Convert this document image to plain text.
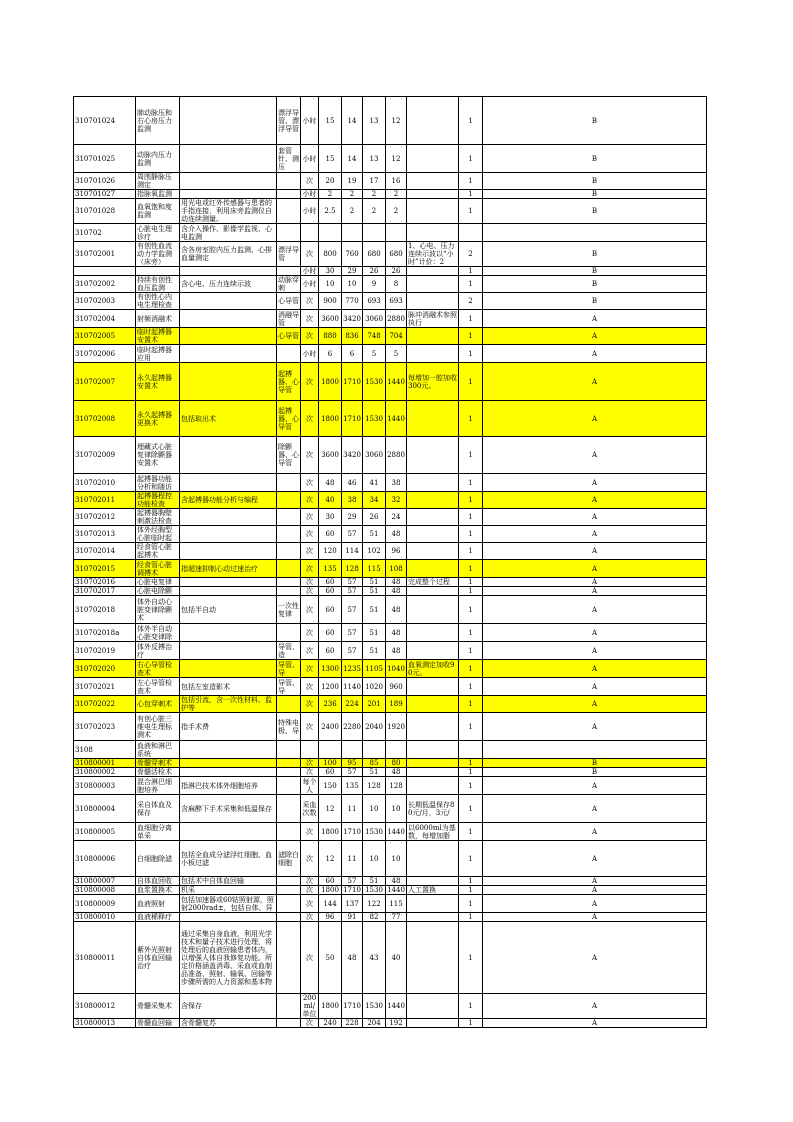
310701024	肺动脉压和右心房压力监测		漂浮导管、漂浮导管	小时	15	14	13	12		1	B
310701025	动脉内压力监测		套管针、测压	小时	15	14	13	12		1	B
310701026	周围静脉压测定			次	20	19	17	16		1	B
310701027	指脉氧监测			小时	2	2	2	2		1	B
310701028	血氧饱和度监测	用光电或红外传感器与患者的手指连接，利用床旁监测仪自动连续测量。		小时	2.5	2	2	2		1	B
310702	心脏电生理诊疗	含介入操作、影像学监视、心电监测									
310702001	有创性血流动力学监测（床旁）	含各房室腔内压力监测、心排血量测定	漂浮导管	次	800	760	680	680	1、心电、压力连续示波以“小时”计价：2	2	B
				小时	30	29	26	26		1	B
310702002	持续有创性血压监测	含心电、压力连续示波	动脉穿刺	小时	10	10	9	8		1	B
310702003	有创性心内电生理检查		心导管	次	900	770	693	693		2	B
310702004	射频消融术		消融导管	次	3600	3420	3060	2880	脉冲消融术参照执行	1	A
310702005	临时起搏器安置术		心导管	次	880	836	748	704		1	A
310702006	临时起搏器应用			小时	6	6	5	5		1	A
310702007	永久起搏器安置术		起搏器、心导管	次	1800	1710	1530	1440	每增加一腔加收300元。	1	A
310702008	永久起搏器更换术	包括取出术	起搏器、心导管	次	1800	1710	1530	1440		1	A
310702009	埋藏式心脏复律除颤器安置术		除颤器、心导管	次	3600	3420	3060	2880		1	A
310702010	起搏器功能分析和随访			次	48	46	41	38		1	A
310702011	起搏器程控功能检查	含起搏器功能分析与编程		次	40	38	34	32		1	A
310702012	起搏器胸壁刺激法检查			次	30	29	26	24		1	A
310702013	体外经胸型心脏临时起			次	60	57	51	48		1	A
310702014	经食管心脏起搏术			次	120	114	102	96		1	A
310702015	经食管心脏调搏术	指超速抑制心动过速治疗		次	135	128	115	108		1	A
310702016	心脏电复律			次	60	57	51	48	完成整个过程	1	A
310702017	心脏电除颤			次	60	57	51	48		1	A
310702018	体外自动心脏变律除颤术	包括半自动	一次性复律	次	60	57	51	48		1	A
310702018a	体外半自动心脏变律除			次	60	57	51	48		1	A
310702019	体外反搏治疗		导管、造	次	60	57	51	48		1	A
310702020	右心导管检查术		导管、导	次	1300	1235	1105	1040	血氧测定加收90元。	1	A
310702021	左心导管检查术	包括左室造影术	导管、导	次	1200	1140	1020	960		1	A
310702022	心包穿刺术	包括引流，含一次性材料、监护等		次	236	224	201	189		1	A
310702023	有创心脏三维电生理标测术	指手术费	特殊电极、导	次	2400	2280	2040	1920		1	A
3108	血液和淋巴系统										
310800001	骨髓穿刺术			次	100	95	85	80		1	B
310800002	骨髓活检术			次	60	57	51	48		1	B
310800003	混合淋巴细胞培养	指淋巴技术体外细胞培养		每个人	150	135	128	128		1	A
310800004	采自体血及保存	含麻醉下手术采集和低温保存		采血次数	12	11	10	10	长期低温保存80元/月，3元/	1	A
310800005	血细胞分离单采			次	1800	1710	1530	1440	以6000ml为基数，每增加脂	1	A
310800006	白细胞除滤	包括全血成分滤浮红细胞、血小板过滤	滤除白细胞	次	12	11	10	10		1	A
310800007	自体血回收	包括术中自体血回输		次	60	57	51	48		1	A
310800008	血浆置换术	机采		次	1800	1710	1530	1440	人工置换	1	A
310800009	血液照射	包括加速器或60钴照射源，照射2000rad±，包括自体、异		次	144	137	122	115		1	A
310800010	血液稀释疗			次	96	91	82	77		1	A
310800011	紫外光照射自体血回输治疗	通过采集自身血液，利用光学技术和量子技术进行处理，将处理后的血液回输患者体内，以增强人体自我修复功能。所定价格涵盖消毒、采血或血制品准备、照射、输氧、回输等步骤所需的人力资源和基本物		次	50	48	43	40		1	A
310800012	骨髓采集术	含保存		200ml/单位	1800	1710	1530	1440		1	A
310800013	骨髓血回输	含骨髓复苏		次	240	228	204	192		1	A
